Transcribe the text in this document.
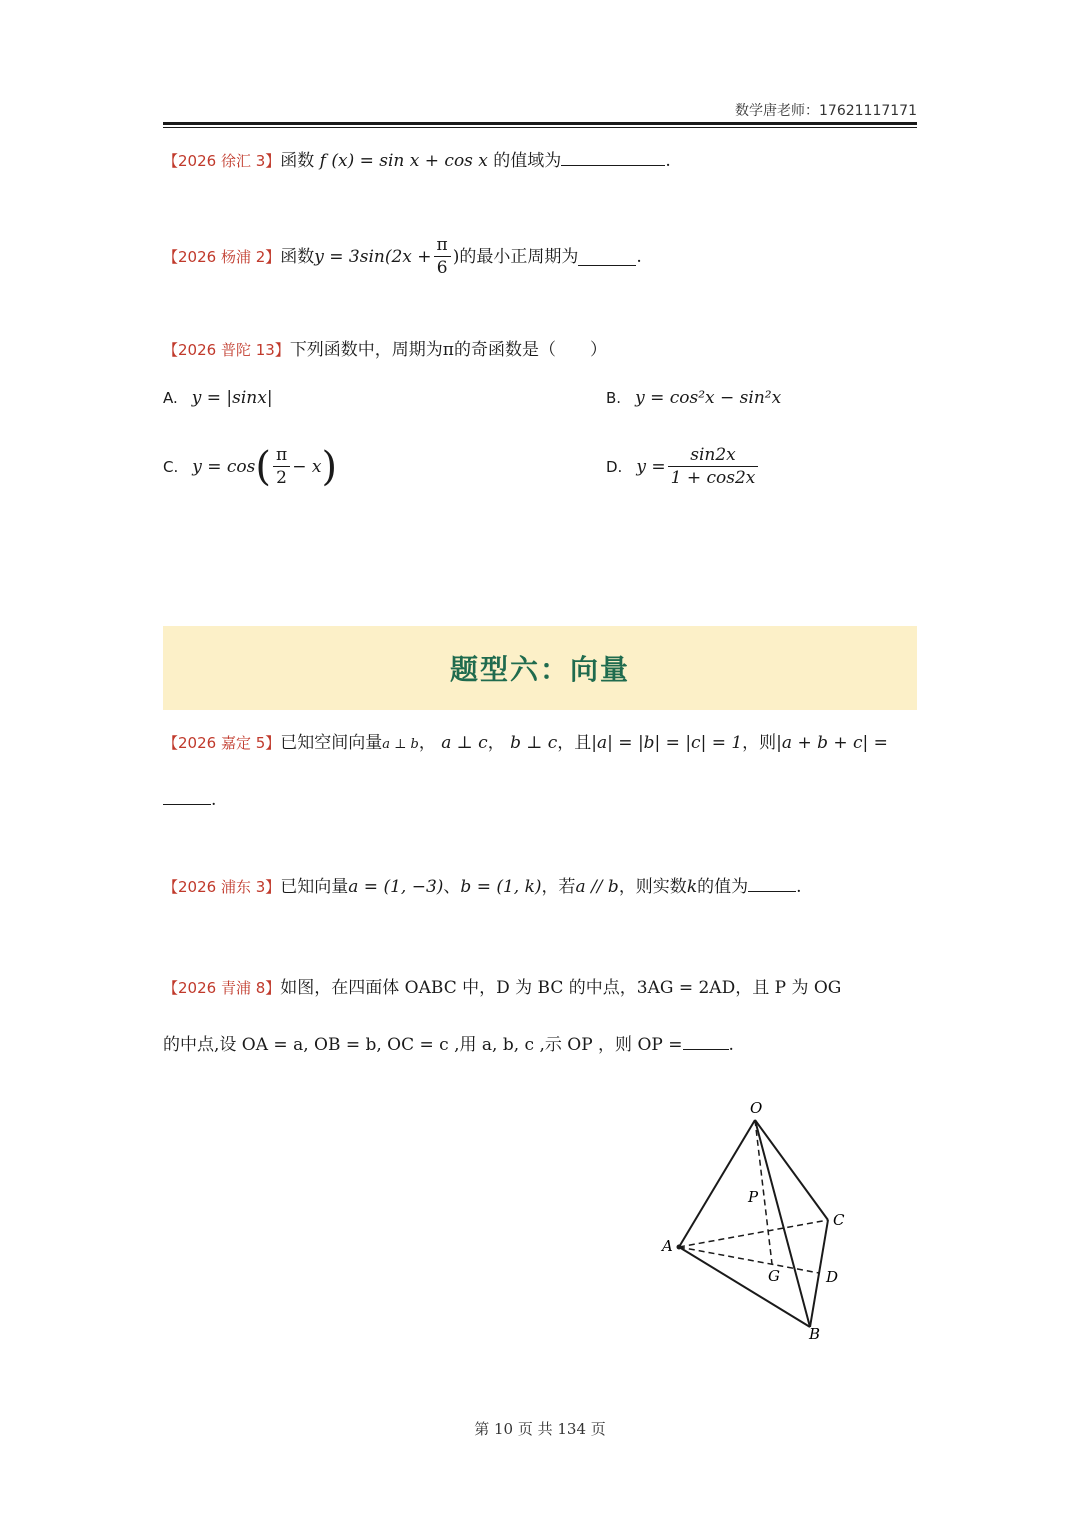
数学唐老师：17621117171
【2026 徐汇 3】函数 f (x) = sin x + cos x 的值域为	.
【2026 杨浦 2】 函数 $y = 3\sin(2x + \frac{\pi}{6}$ ) 的最小正周期为	.
【2026 普陀 13】下列函数中，周期为π的奇函数是（　　）
A. y = |sinx|	B. y = cos²x − sin²x
C. y = cos ( $\frac{\pi}{2} - x$ )	D. $y = \frac{\sin 2x}{1 + \cos 2x}$
题型六：向量
【2026 嘉定 5】已知空间向量a ⊥ b， a ⊥ c， b ⊥ c，且|a| = |b| = |c| = 1，则|a + b + c| =
.
【2026 浦东 3】已知向量a = (1, −3)、b = (1, k)，若a // b，则实数k的值为	.
【2026 青浦 8】如图，在四面体 OABC 中，D 为 BC 的中点，3AG = 2AD，且 P 为 OG
的中点,设 OA = a, OB = b, OC = c ,用 a, b, c ,示 OP ，则 OP =	.
O
P
C
A
G	D
B
第 10 页 共 134 页
